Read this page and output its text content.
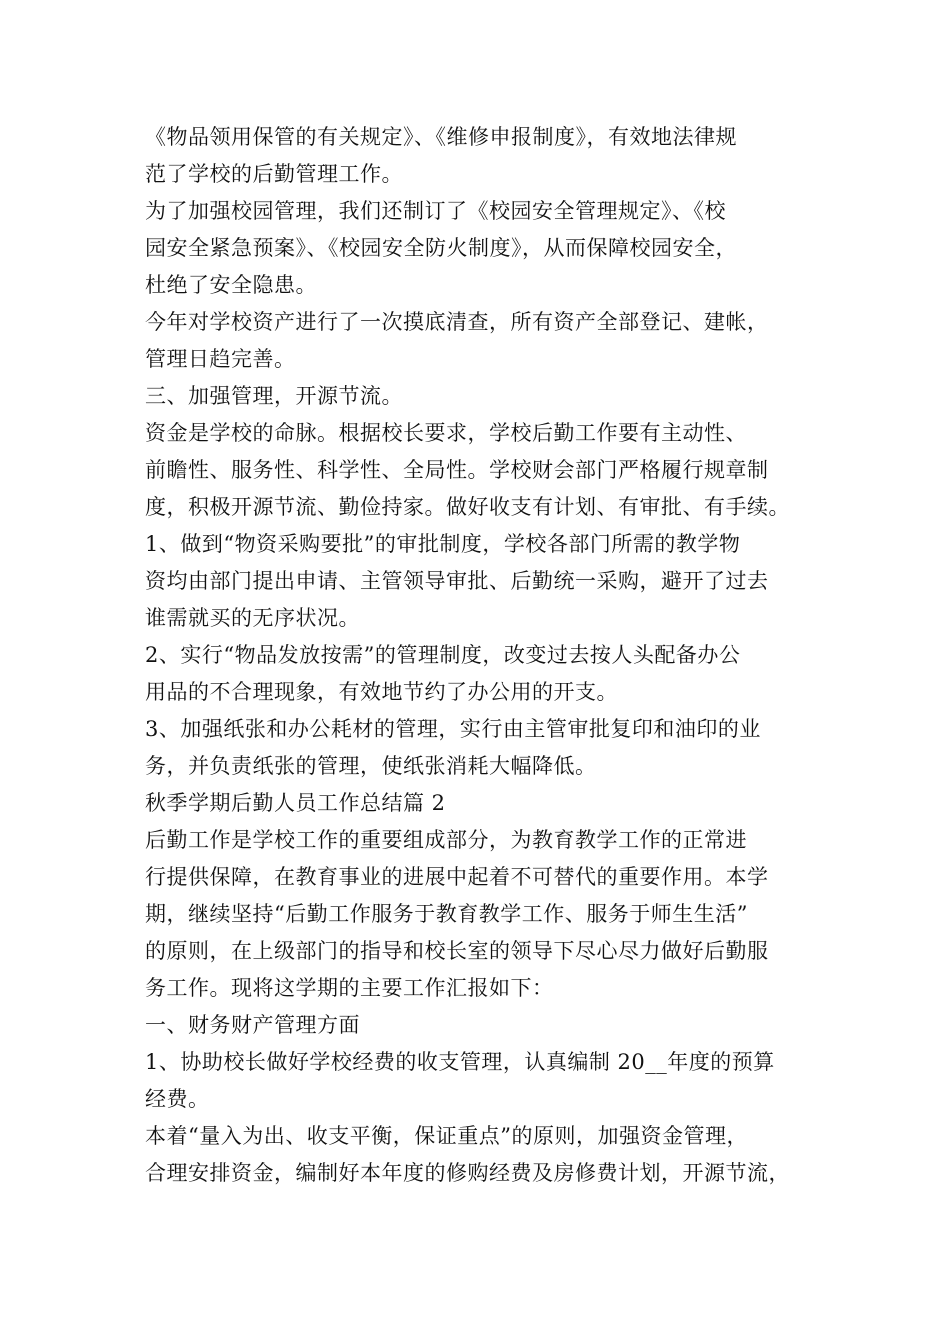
《物品领用保管的有关规定》、《维修申报制度》，有效地法律规
范了学校的后勤管理工作。
为了加强校园管理，我们还制订了《校园安全管理规定》、《校
园安全紧急预案》、《校园安全防火制度》，从而保障校园安全，
杜绝了安全隐患。
今年对学校资产进行了一次摸底清查，所有资产全部登记、建帐，
管理日趋完善。
三、加强管理，开源节流。
资金是学校的命脉。根据校长要求，学校后勤工作要有主动性、
前瞻性、服务性、科学性、全局性。学校财会部门严格履行规章制
度，积极开源节流、勤俭持家。做好收支有计划、有审批、有手续。
1、做到“物资采购要批”的审批制度，学校各部门所需的教学物
资均由部门提出申请、主管领导审批、后勤统一采购，避开了过去
谁需就买的无序状况。
2、实行“物品发放按需”的管理制度，改变过去按人头配备办公
用品的不合理现象，有效地节约了办公用的开支。
3、加强纸张和办公耗材的管理，实行由主管审批复印和油印的业
务，并负责纸张的管理，使纸张消耗大幅降低。
秋季学期后勤人员工作总结篇 2
后勤工作是学校工作的重要组成部分，为教育教学工作的正常进
行提供保障，在教育事业的进展中起着不可替代的重要作用。本学
期，继续坚持“后勤工作服务于教育教学工作、服务于师生生活”
的原则，在上级部门的指导和校长室的领导下尽心尽力做好后勤服
务工作。现将这学期的主要工作汇报如下：
一、财务财产管理方面
1、协助校长做好学校经费的收支管理，认真编制 20__年度的预算
经费。
本着“量入为出、收支平衡，保证重点”的原则，加强资金管理，
合理安排资金，编制好本年度的修购经费及房修费计划，开源节流，
